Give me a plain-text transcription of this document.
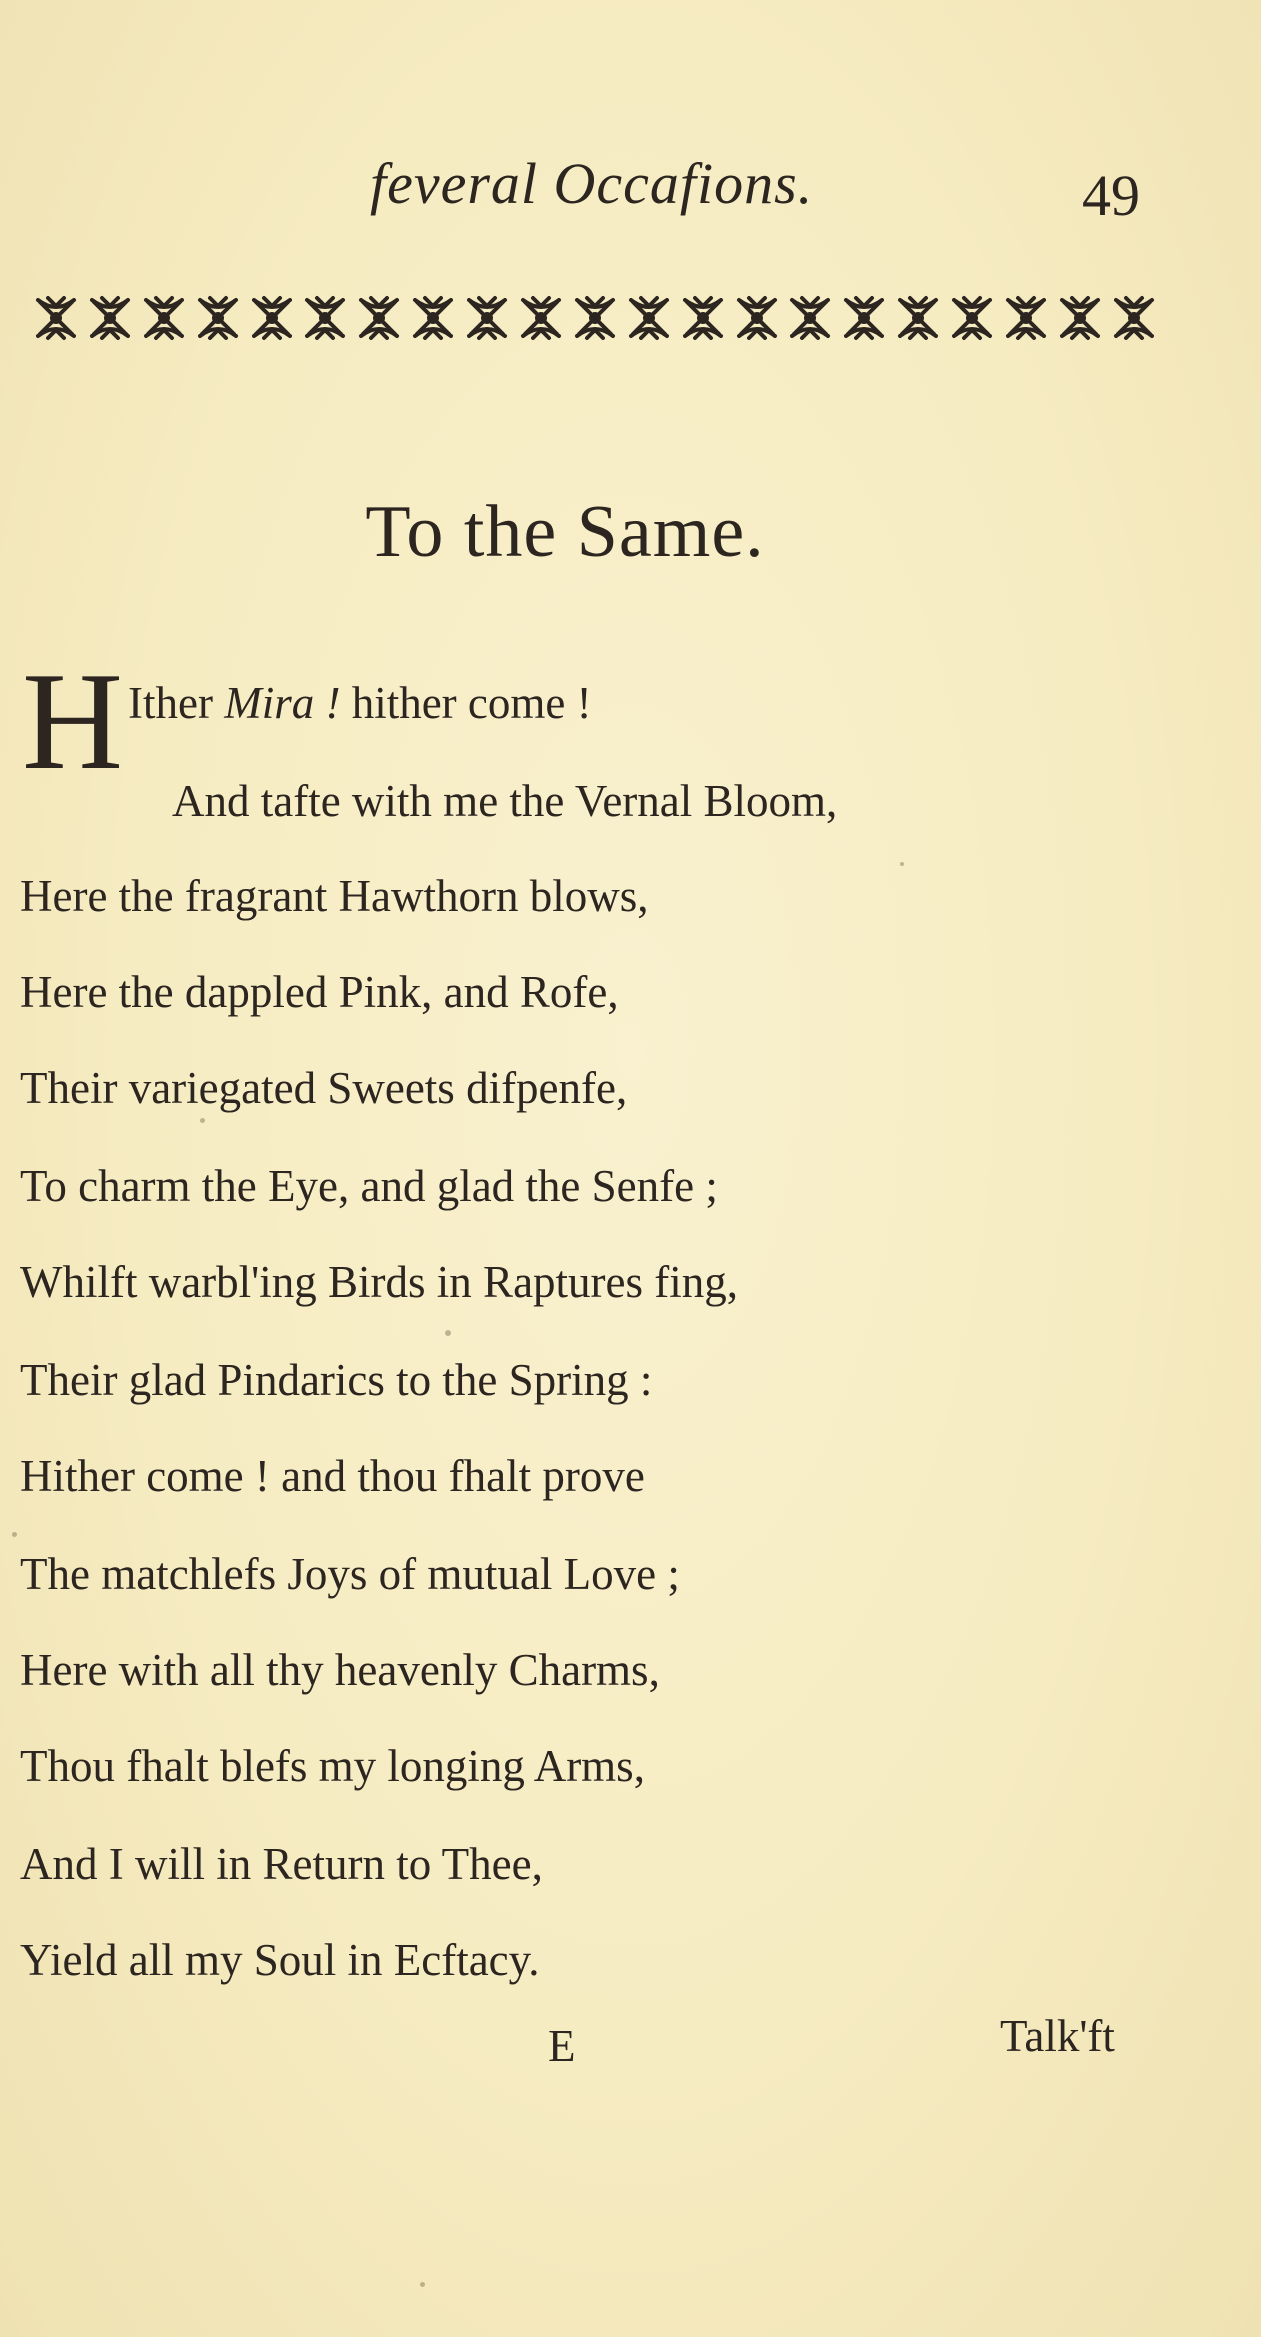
feveral Occafions.	49
To the Same.
H Ither Mira ! hither come !
And tafte with me the Vernal Bloom,
Here the fragrant Hawthorn blows,
Here the dappled Pink, and Rofe,
Their variegated Sweets difpenfe,
To charm the Eye, and glad the Senfe ;
Whilft warbl'ing Birds in Raptures fing,
Their glad Pindarics to the Spring :
Hither come ! and thou fhalt prove
The matchlefs Joys of mutual Love ;
Here with all thy heavenly Charms,
Thou fhalt blefs my longing Arms,
And I will in Return to Thee,
Yield all my Soul in Ecftacy.
E	Talk'ft
